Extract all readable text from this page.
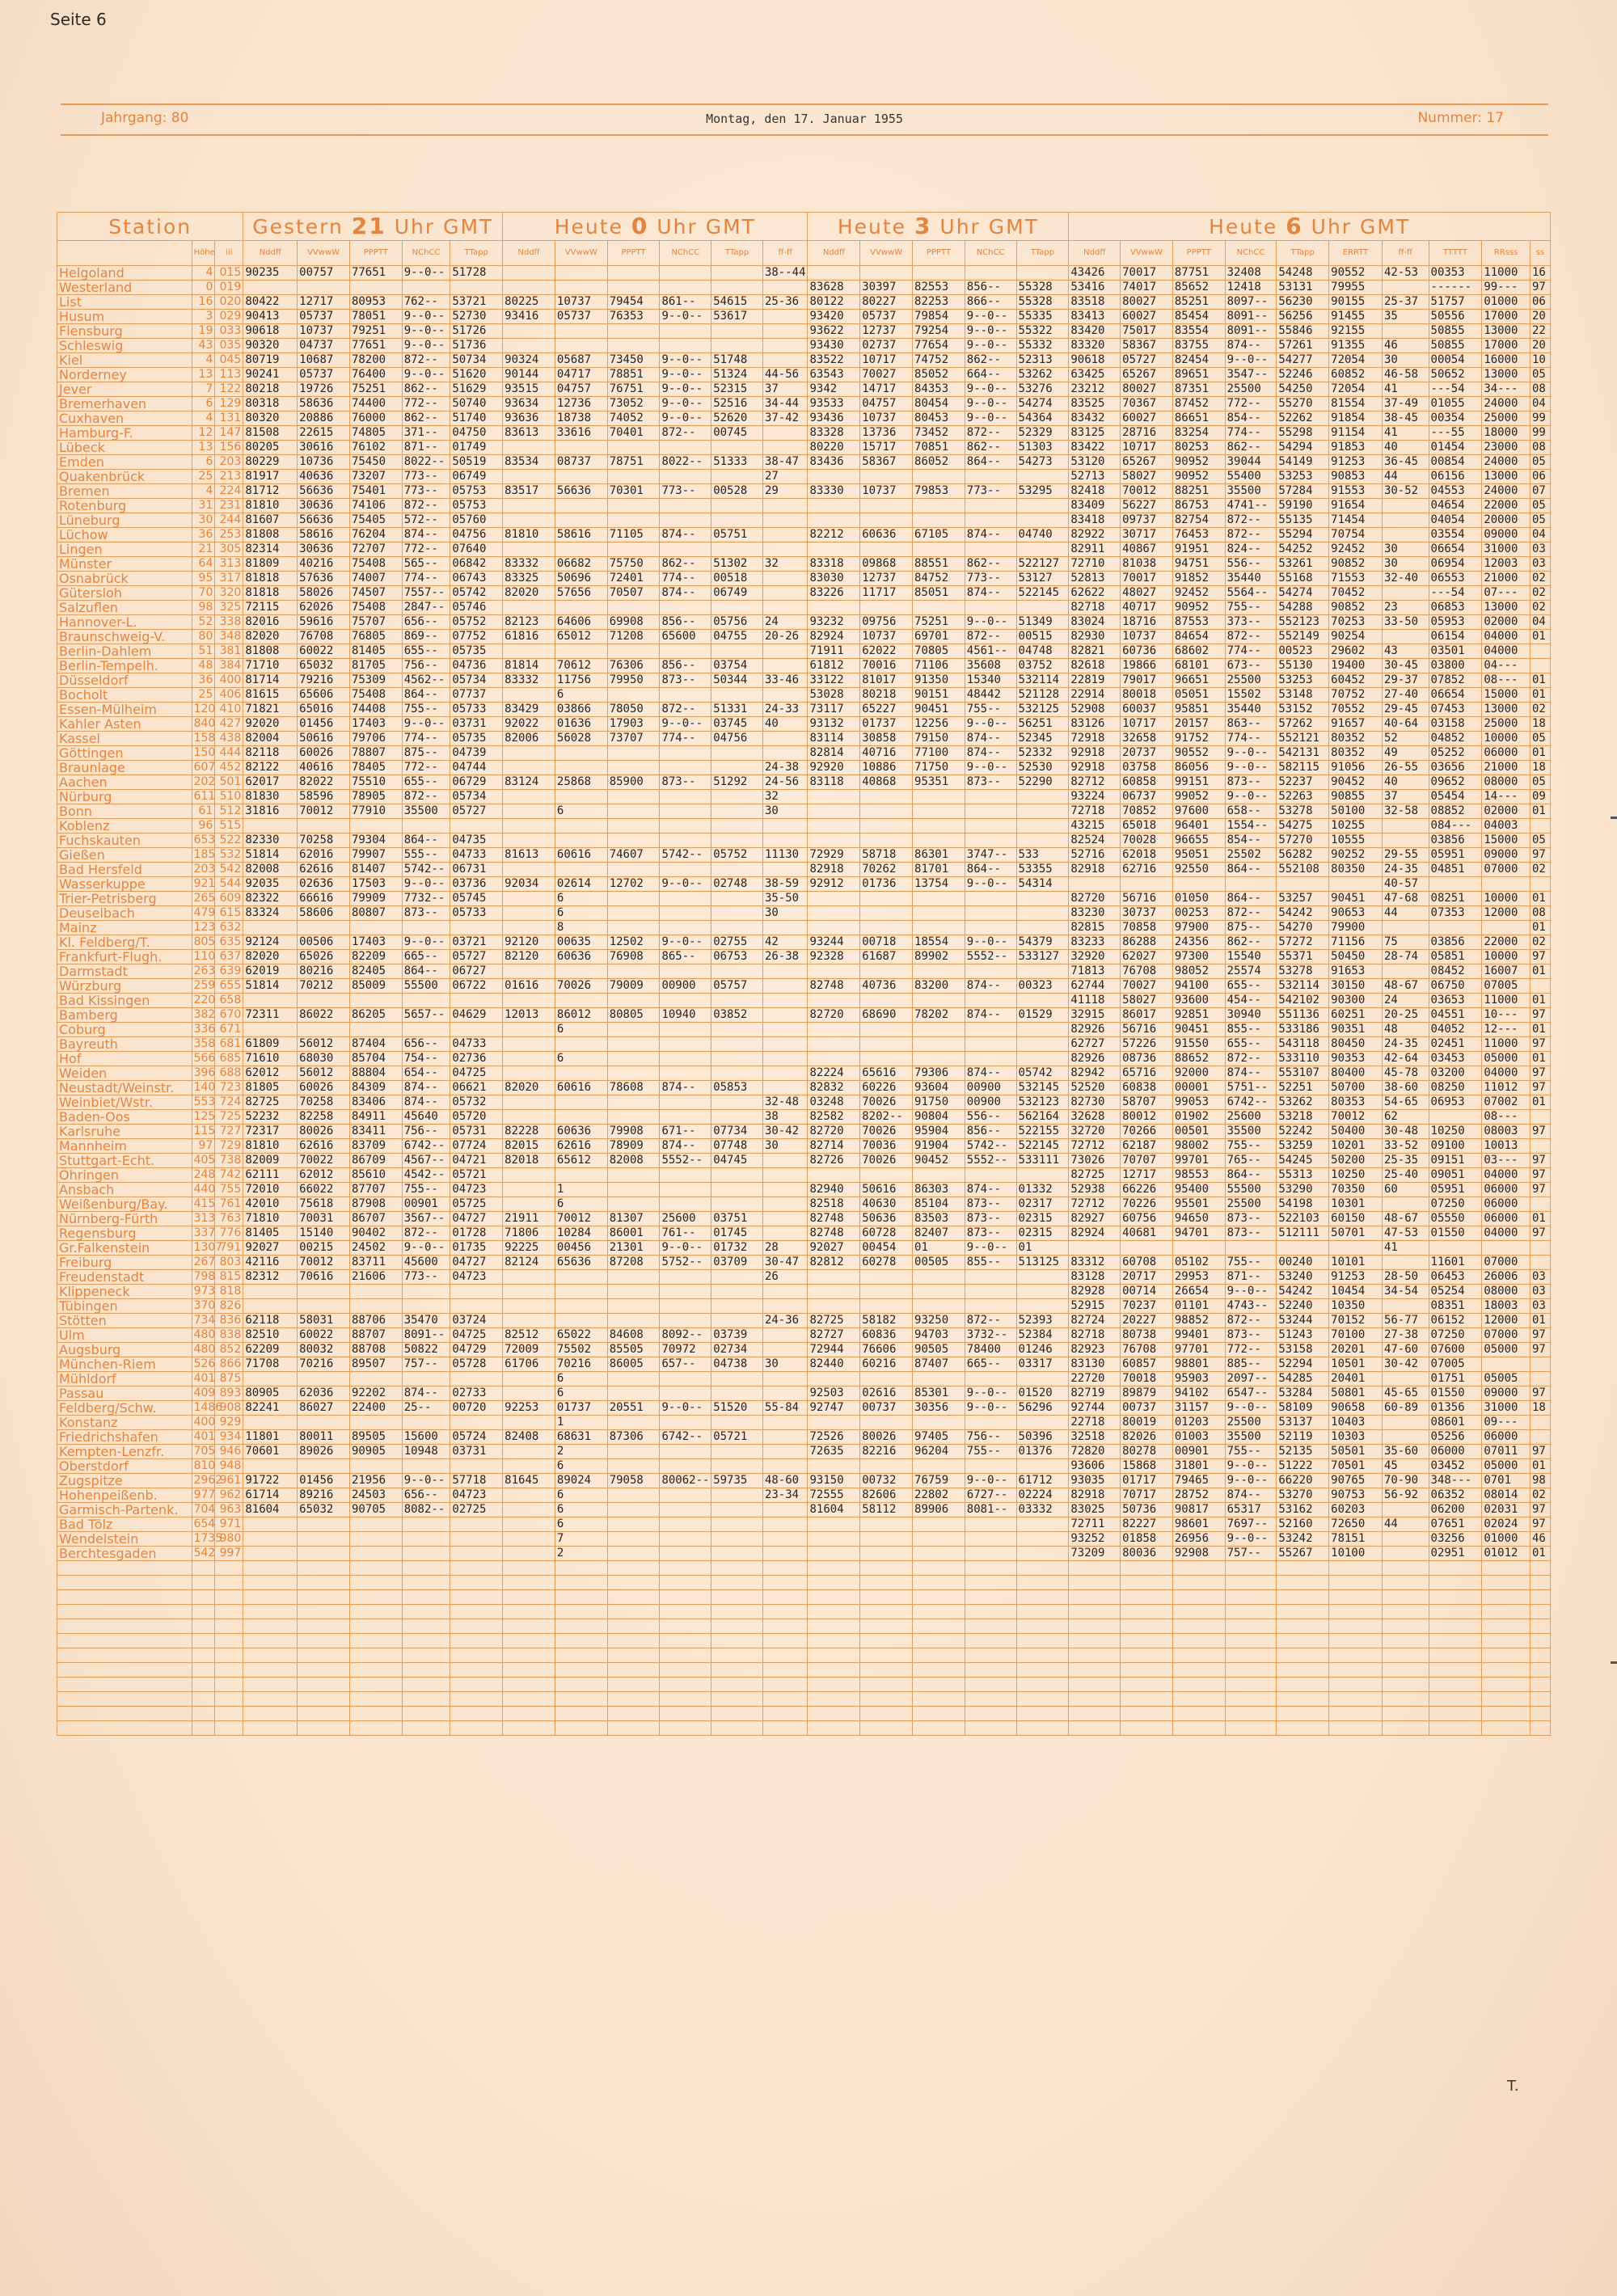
Seite 6
Jahrgang: 80	Montag, den 17. Januar 1955	Nummer: 17
Station			Gestern 21 Uhr GMT					Heute 0 Uhr GMT						Heute 3 Uhr GMT					Heute 6 Uhr GMT									
	Höhe	iii	Nddff	VVwwW	PPPTT	NChCC	TTapp	Nddff	VVwwW	PPPTT	NChCC	TTapp	ff-ff	Nddff	VVwwW	PPPTT	NChCC	TTapp	Nddff	VVwwW	PPPTT	NChCC	TTapp	ERRTT	ff-ff	TTTTT	RRsss	ss
Helgoland	4	015	90235	00757	77651	9--0--	51728						38--44						43426	70017	87751	32408	54248	90552	42-53	00353	11000	16
Westerland	0	019												83628	30397	82553	856--	55328	53416	74017	85652	12418	53131	79955		------	99---	97
List	16	020	80422	12717	80953	762--	53721	80225	10737	79454	861--	54615	25-36	80122	80227	82253	866--	55328	83518	80027	85251	8097--	56230	90155	25-37	51757	01000	06
Husum	3	029	90413	05737	78051	9--0--	52730	93416	05737	76353	9--0--	53617		93420	05737	79854	9--0--	55335	83413	60027	85454	8091--	56256	91455	35	50556	17000	20
Flensburg	19	033	90618	10737	79251	9--0--	51726							93622	12737	79254	9--0--	55322	83420	75017	83554	8091--	55846	92155		50855	13000	22
Schleswig	43	035	90320	04737	77651	9--0--	51736							93430	02737	77654	9--0--	55332	83320	58367	83755	874--	57261	91355	46	50855	17000	20
Kiel	4	045	80719	10687	78200	872--	50734	90324	05687	73450	9--0--	51748		83522	10717	74752	862--	52313	90618	05727	82454	9--0--	54277	72054	30	00054	16000	10
Norderney	13	113	90241	05737	76400	9--0--	51620	90144	04717	78851	9--0--	51324	44-56	63543	70027	85052	664--	53262	63425	65267	89651	3547--	52246	60852	46-58	50652	13000	05
Jever	7	122	80218	19726	75251	862--	51629	93515	04757	76751	9--0--	52315	37	9342	14717	84353	9--0--	53276	23212	80027	87351	25500	54250	72054	41	---54	34---	08
Bremerhaven	6	129	80318	58636	74400	772--	50740	93634	12736	73052	9--0--	52516	34-44	93533	04757	80454	9--0--	54274	83525	70367	87452	772--	55270	81554	37-49	01055	24000	04
Cuxhaven	4	131	80320	20886	76000	862--	51740	93636	18738	74052	9--0--	52620	37-42	93436	10737	80453	9--0--	54364	83432	60027	86651	854--	52262	91854	38-45	00354	25000	99
Hamburg-F.	12	147	81508	22615	74805	371--	04750	83613	33616	70401	872--	00745		83328	13736	73452	872--	52329	83125	28716	83254	774--	55298	91154	41	---55	18000	99
Lübeck	13	156	80205	30616	76102	871--	01749							80220	15717	70851	862--	51303	83422	10717	80253	862--	54294	91853	40	01454	23000	08
Emden	6	203	80229	10736	75450	8022--	50519	83534	08737	78751	8022--	51333	38-47	83436	58367	86052	864--	54273	53120	65267	90952	39044	54149	91253	36-45	00854	24000	05
Quakenbrück	25	213	81917	40636	73207	773--	06749						27						52713	58027	90952	55400	53253	90853	44	06156	13000	06
Bremen	4	224	81712	56636	75401	773--	05753	83517	56636	70301	773--	00528	29	83330	10737	79853	773--	53295	82418	70012	88251	35500	57284	91553	30-52	04553	24000	07
Rotenburg	31	231	81810	30636	74106	872--	05753												83409	56227	86753	4741--	59190	91654		04654	22000	05
Lüneburg	30	244	81607	56636	75405	572--	05760												83418	09737	82754	872--	55135	71454		04054	20000	05
Lüchow	36	253	81808	58616	76204	874--	04756	81810	58616	71105	874--	05751		82212	60636	67105	874--	04740	82922	30717	76453	872--	55294	70754		03554	09000	04
Lingen	21	305	82314	30636	72707	772--	07640												82911	40867	91951	824--	54252	92452	30	06654	31000	03
Münster	64	313	81809	40216	75408	565--	06842	83332	06682	75750	862--	51302	32	83318	09868	88551	862--	522127	72710	81038	94751	556--	53261	90852	30	06954	12003	03
Osnabrück	95	317	81818	57636	74007	774--	06743	83325	50696	72401	774--	00518		83030	12737	84752	773--	53127	52813	70017	91852	35440	55168	71553	32-40	06553	21000	02
Gütersloh	70	320	81818	58026	74507	7557--	05742	82020	57656	70507	874--	06749		83226	11717	85051	874--	522145	62622	48027	92452	5564--	54274	70452		---54	07---	02
Salzuflen	98	325	72115	62026	75408	2847--	05746												82718	40717	90952	755--	54288	90852	23	06853	13000	02
Hannover-L.	52	338	82016	59616	75707	656--	05752	82123	64606	69908	856--	05756	24	93232	09756	75251	9--0--	51349	83024	18716	87553	373--	552123	70253	33-50	05953	02000	04
Braunschweig-V.	80	348	82020	76708	76805	869--	07752	61816	65012	71208	65600	04755	20-26	82924	10737	69701	872--	00515	82930	10737	84654	872--	552149	90254		06154	04000	01
Berlin-Dahlem	51	381	81808	60022	81405	655--	05735							71911	62022	70805	4561--	04748	82821	60736	68602	774--	00523	29602	43	03501	04000	
Berlin-Tempelh.	48	384	71710	65032	81705	756--	04736	81814	70612	76306	856--	03754		61812	70016	71106	35608	03752	82618	19866	68101	673--	55130	19400	30-45	03800	04---	
Düsseldorf	36	400	81714	79216	75309	4562--	05734	83332	11756	79950	873--	50344	33-46	33122	81017	91350	15340	532114	22819	79017	96651	25500	53253	60452	29-37	07852	08---	01
Bocholt	25	406	81615	65606	75408	864--	07737		6					53028	80218	90151	48442	521128	22914	80018	05051	15502	53148	70752	27-40	06654	15000	01
Essen-Mülheim	120	410	71821	65016	74408	755--	05733	83429	03866	78050	872--	51331	24-33	73117	65227	90451	755--	532125	52908	60037	95851	35440	53152	70552	29-45	07453	13000	02
Kahler Asten	840	427	92020	01456	17403	9--0--	03731	92022	01636	17903	9--0--	03745	40	93132	01737	12256	9--0--	56251	83126	10717	20157	863--	57262	91657	40-64	03158	25000	18
Kassel	158	438	82004	50616	79706	774--	05735	82006	56028	73707	774--	04756		83114	30858	79150	874--	52345	72918	32658	91752	774--	552121	80352	52	04852	10000	05
Göttingen	150	444	82118	60026	78807	875--	04739							82814	40716	77100	874--	52332	92918	20737	90552	9--0--	542131	80352	49	05252	06000	01
Braunlage	607	452	82122	40616	78405	772--	04744						24-38	92920	10886	71750	9--0--	52530	92918	03758	86056	9--0--	582115	91056	26-55	03656	21000	18
Aachen	202	501	62017	82022	75510	655--	06729	83124	25868	85900	873--	51292	24-56	83118	40868	95351	873--	52290	82712	60858	99151	873--	52237	90452	40	09652	08000	05
Nürburg	611	510	81830	58596	78905	872--	05734						32						93224	06737	99052	9--0--	52263	90855	37	05454	14---	09
Bonn	61	512	31816	70012	77910	35500	05727		6				30						72718	70852	97600	658--	53278	50100	32-58	08852	02000	01
Koblenz	96	515																	43215	65018	96401	1554--	54275	10255		084---	04003	
Fuchskauten	653	522	82330	70258	79304	864--	04735												82524	70028	96655	854--	57270	10555		03856	15000	05
Gießen	185	532	51814	62016	79907	555--	04733	81613	60616	74607	5742--	05752	11130	72929	58718	86301	3747--	533	52716	62018	95051	25502	56282	90252	29-55	05951	09000	97
Bad Hersfeld	203	542	82008	62616	81407	5742--	06731							82918	70262	81701	864--	53355	82918	62716	92550	864--	552108	80350	24-35	04851	07000	02
Wasserkuppe	921	544	92035	02636	17503	9--0--	03736	92034	02614	12702	9--0--	02748	38-59	92912	01736	13754	9--0--	54314							40-57			
Trier-Petrisberg	265	609	82322	66616	79909	7732--	05745		6				35-50						82720	56716	01050	864--	53257	90451	47-68	08251	10000	01
Deuselbach	479	615	83324	58606	80807	873--	05733		6				30						83230	30737	00253	872--	54242	90653	44	07353	12000	08
Mainz	123	632							8										82815	70858	97900	875--	54270	79900				01
Kl. Feldberg/T.	805	635	92124	00506	17403	9--0--	03721	92120	00635	12502	9--0--	02755	42	93244	00718	18554	9--0--	54379	83233	86288	24356	862--	57272	71156	75	03856	22000	02
Frankfurt-Flugh.	110	637	82020	65026	82209	665--	05727	82120	60636	76908	865--	06753	26-38	92328	61687	89902	5552--	533127	32920	62027	97300	15540	55371	50450	28-74	05851	10000	97
Darmstadt	263	639	62019	80216	82405	864--	06727												71813	76708	98052	25574	53278	91653		08452	16007	01
Würzburg	259	655	51814	70212	85009	55500	06722	01616	70026	79009	00900	05757		82748	40736	83200	874--	00323	62744	70027	94100	655--	532114	30150	48-67	06750	07005	
Bad Kissingen	220	658																	41118	58027	93600	454--	542102	90300	24	03653	11000	01
Bamberg	382	670	72311	86022	86205	5657--	04629	12013	86012	80805	10940	03852		82720	68690	78202	874--	01529	32915	86017	92851	30940	551136	60251	20-25	04551	10---	97
Coburg	336	671							6										82926	56716	90451	855--	533186	90351	48	04052	12---	01
Bayreuth	358	681	61809	56012	87404	656--	04733												62727	57226	91550	655--	543118	80450	24-35	02451	11000	97
Hof	566	685	71610	68030	85704	754--	02736		6										82926	08736	88652	872--	533110	90353	42-64	03453	05000	01
Weiden	396	688	62012	56012	88804	654--	04725							82224	65616	79306	874--	05742	82942	65716	92000	874--	553107	80400	45-78	03200	04000	97
Neustadt/Weinstr.	140	723	81805	60026	84309	874--	06621	82020	60616	78608	874--	05853		82832	60226	93604	00900	532145	52520	60838	00001	5751--	52251	50700	38-60	08250	11012	97
Weinbiet/Wstr.	553	724	82725	70258	83406	874--	05732						32-48	03248	70026	91750	00900	532123	82730	58707	99053	6742--	53262	80353	54-65	06953	07002	01
Baden-Oos	125	725	52232	82258	84911	45640	05720						38	82582	8202--	90804	556--	562164	32628	80012	01902	25600	53218	70012	62		08---	
Karlsruhe	115	727	72317	80026	83411	756--	05731	82228	60636	79908	671--	07734	30-42	82720	70026	95904	856--	522155	32720	70266	00501	35500	52242	50400	30-48	10250	08003	97
Mannheim	97	729	81810	62616	83709	6742--	07724	82015	62616	78909	874--	07748	30	82714	70036	91904	5742--	522145	72712	62187	98002	755--	53259	10201	33-52	09100	10013	
Stuttgart-Echt.	405	738	82009	70022	86709	4567--	04721	82018	65612	82008	5552--	04745		82726	70026	90452	5552--	533111	73026	70707	99701	765--	54245	50200	25-35	09151	03---	97
Öhringen	248	742	62111	62012	85610	4542--	05721												82725	12717	98553	864--	55313	10250	25-40	09051	04000	97
Ansbach	440	755	72010	66022	87707	755--	04723		1					82940	50616	86303	874--	01332	52938	66226	95400	55500	53290	70350	60	05951	06000	97
Weißenburg/Bay.	415	761	42010	75618	87908	00901	05725		6					82518	40630	85104	873--	02317	72712	70226	95501	25500	54198	10301		07250	06000	
Nürnberg-Fürth	313	763	71810	70031	86707	3567--	04727	21911	70012	81307	25600	03751		82748	50636	83503	873--	02315	82927	60756	94650	873--	522103	60150	48-67	05550	06000	01
Regensburg	337	776	81405	15140	90402	872--	01728	71806	10284	86001	761--	01745		82748	60728	82407	873--	02315	82924	40681	94701	873--	512111	50701	47-53	01550	04000	97
Gr.Falkenstein	1307	791	92027	00215	24502	9--0--	01735	92225	00456	21301	9--0--	01732	28	92027	00454	01	9--0--	01							41			
Freiburg	267	803	42116	70012	83711	45600	04727	82124	65636	87208	5752--	03709	30-47	82812	60278	00505	855--	513125	83312	60708	05102	755--	00240	10101		11601	07000	
Freudenstadt	798	815	82312	70616	21606	773--	04723						26						83128	20717	29953	871--	53240	91253	28-50	06453	26006	03
Klippeneck	973	818																	82928	00714	26654	9--0--	54242	10454	34-54	05254	08000	03
Tübingen	370	826																	52915	70237	01101	4743--	52240	10350		08351	18003	03
Stötten	734	836	62118	58031	88706	35470	03724						24-36	82725	58182	93250	872--	52393	82724	20227	98852	872--	53244	70152	56-77	06152	12000	01
Ulm	480	838	82510	60022	88707	8091--	04725	82512	65022	84608	8092--	03739		82727	60836	94703	3732--	52384	82718	80738	99401	873--	51243	70100	27-38	07250	07000	97
Augsburg	480	852	62209	80032	88708	50822	04729	72009	75502	85505	70972	02734		72944	76606	90505	78400	01246	82923	76708	97701	772--	53158	20201	47-60	07600	05000	97
München-Riem	526	866	71708	70216	89507	757--	05728	61706	70216	86005	657--	04738	30	82440	60216	87407	665--	03317	83130	60857	98801	885--	52294	10501	30-42	07005		
Mühldorf	401	875							6										22720	70018	95903	2097--	54285	20401		01751	05005	
Passau	409	893	80905	62036	92202	874--	02733		6					92503	02616	85301	9--0--	01520	82719	89879	94102	6547--	53284	50801	45-65	01550	09000	97
Feldberg/Schw.	1486	908	82241	86027	22400	25--	00720	92253	01737	20551	9--0--	51520	55-84	92747	00737	30356	9--0--	56296	92744	00737	31157	9--0--	58109	90658	60-89	01356	31000	18
Konstanz	400	929							1										22718	80019	01203	25500	53137	10403		08601	09---	
Friedrichshafen	401	934	11801	80011	89505	15600	05724	82408	68631	87306	6742--	05721		72526	80026	97405	756--	50396	32518	82026	01003	35500	52119	10303		05256	06000	
Kempten-Lenzfr.	705	946	70601	89026	90905	10948	03731		2					72635	82216	96204	755--	01376	72820	80278	00901	755--	52135	50501	35-60	06000	07011	97
Oberstdorf	810	948							6										93606	15868	31801	9--0--	51222	70501	45	03452	05000	01
Zugspitze	2962	961	91722	01456	21956	9--0--	57718	81645	89024	79058	80062--	59735	48-60	93150	00732	76759	9--0--	61712	93035	01717	79465	9--0--	66220	90765	70-90	348---	0701	98
Hohenpeißenb.	977	962	61714	89216	24503	656--	04723		6				23-34	72555	82606	22802	6727--	02224	82918	70717	28752	874--	53270	90753	56-92	06352	08014	02
Garmisch-Partenk.	704	963	81604	65032	90705	8082--	02725		6					81604	58112	89906	8081--	03332	83025	50736	90817	65317	53162	60203		06200	02031	97
Bad Tölz	654	971							6										72711	82227	98601	7697--	52160	72650	44	07651	02024	97
Wendelstein	1735	980							7										93252	01858	26956	9--0--	53242	78151		03256	01000	46
Berchtesgaden	542	997							2										73209	80036	92908	757--	55267	10100		02951	01012	01

T.
